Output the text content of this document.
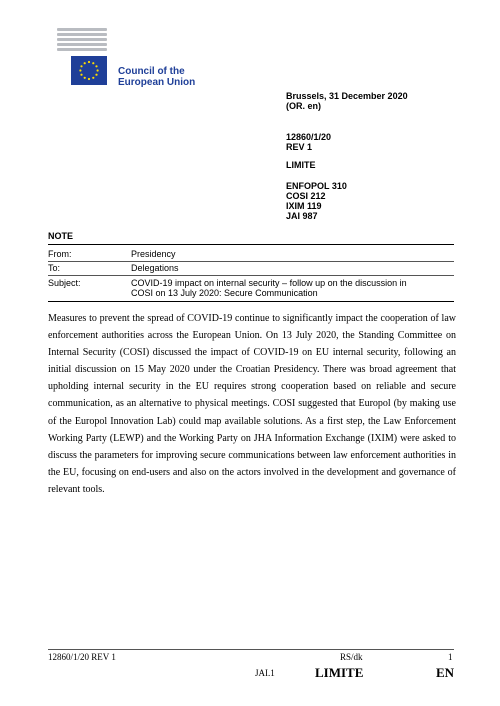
Council of the
European Union
Brussels, 31 December 2020
(OR. en)
12860/1/20
REV 1
LIMITE
ENFOPOL 310
COSI 212
IXIM 119
JAI 987
NOTE
From:	Presidency
To:	Delegations
Subject:	COVID-19 impact on internal security – follow up on the discussion in
COSI on 13 July 2020: Secure Communication
Measures to prevent the spread of COVID-19 continue to significantly impact the cooperation of law enforcement authorities across the European Union. On 13 July 2020, the Standing Committee on Internal Security (COSI) discussed the impact of COVID-19 on EU internal security, following an initial discussion on 15 May 2020 under the Croatian Presidency. There was broad agreement that upholding internal security in the EU requires strong cooperation based on reliable and secure communication, as an alternative to physical meetings. COSI suggested that Europol (by making use of the Europol Innovation Lab) could map available solutions. As a first step, the Law Enforcement Working Party (LEWP) and the Working Party on JHA Information Exchange (IXIM) were asked to discuss the parameters for improving secure communications between law enforcement authorities in the EU, focusing on end-users and also on the actors involved in the development and governance of relevant tools.
12860/1/20 REV 1	RS/dk	1
JAI.1	LIMITE	EN
